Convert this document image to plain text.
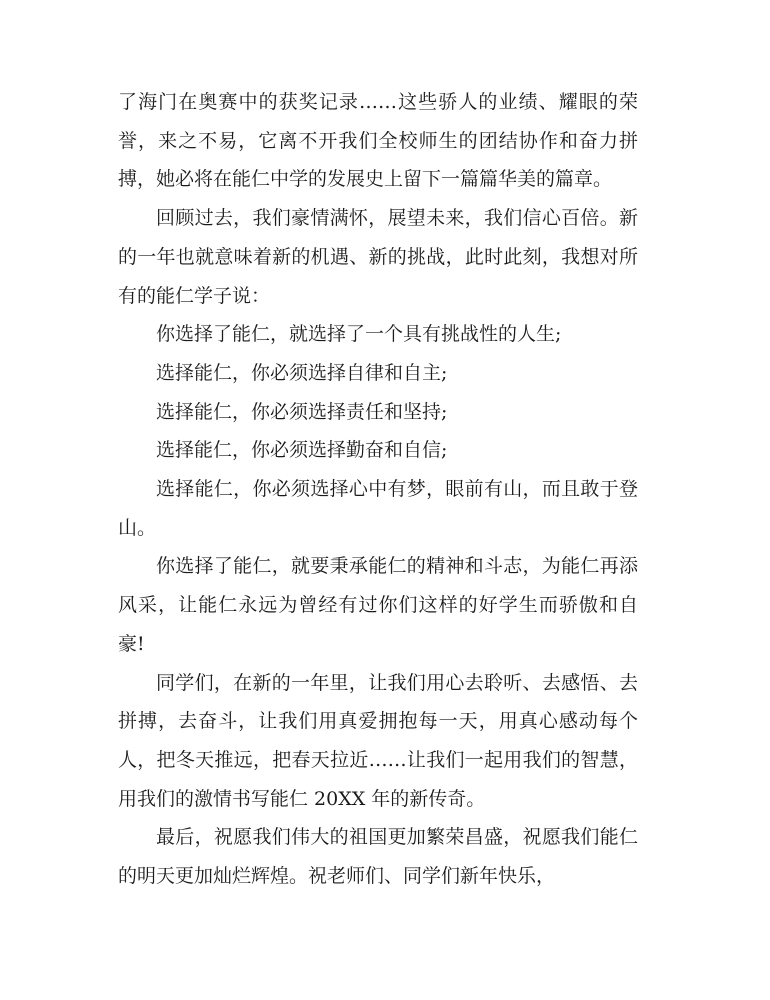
了海门在奥赛中的获奖记录……这些骄人的业绩、耀眼的荣誉，来之不易，它离不开我们全校师生的团结协作和奋力拼搏，她必将在能仁中学的发展史上留下一篇篇华美的篇章。

回顾过去，我们豪情满怀，展望未来，我们信心百倍。新的一年也就意味着新的机遇、新的挑战，此时此刻，我想对所有的能仁学子说：

你选择了能仁，就选择了一个具有挑战性的人生;

选择能仁，你必须选择自律和自主;

选择能仁，你必须选择责任和坚持;

选择能仁，你必须选择勤奋和自信;

选择能仁，你必须选择心中有梦，眼前有山，而且敢于登山。

你选择了能仁，就要秉承能仁的精神和斗志，为能仁再添风采，让能仁永远为曾经有过你们这样的好学生而骄傲和自豪!

同学们，在新的一年里，让我们用心去聆听、去感悟、去拼搏，去奋斗，让我们用真爱拥抱每一天，用真心感动每个人，把冬天推远，把春天拉近……让我们一起用我们的智慧，用我们的激情书写能仁 20XX 年的新传奇。

最后，祝愿我们伟大的祖国更加繁荣昌盛，祝愿我们能仁的明天更加灿烂辉煌。祝老师们、同学们新年快乐，
